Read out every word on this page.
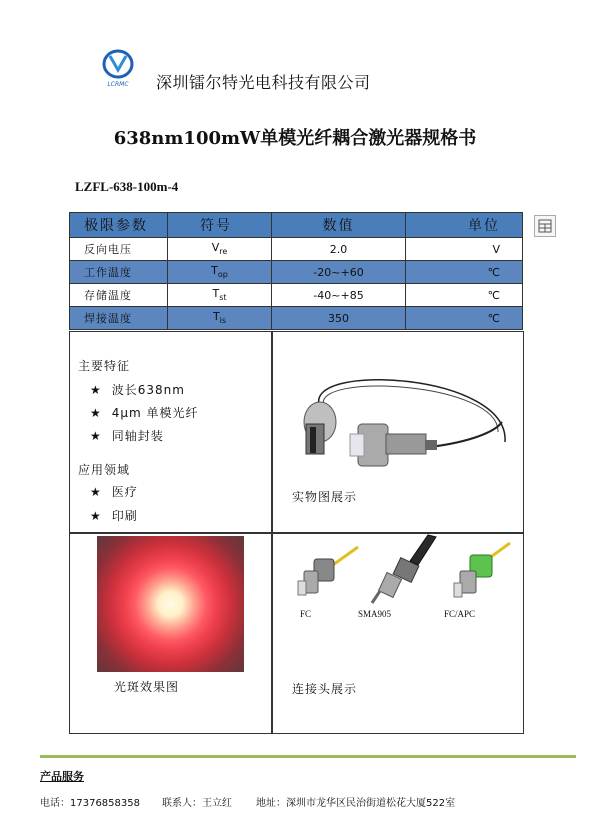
LCRMC 深圳镭尔特光电科技有限公司
638nm100mW单模光纤耦合激光器规格书
LZFL-638-100m-4
极限参数	符号	数值	单位
反向电压	$V_{re}$	2.0	V
工作温度	$T_{op}$	-20~+60	℃
存储温度	$T_{st}$	-40~+85	℃
焊接温度	$T_{is}$	350	℃
主要特征
★ 波长638nm
★ 4μm 单模光纤
★ 同轴封装
应用领域
★ 医疗
★ 印刷
实物图展示
光斑效果图
FC	SMA905	FC/APC
连接头展示
产品服务
电话：17376858358 联系人：王立红 地址：深圳市龙华区民治街道松花大厦522室
